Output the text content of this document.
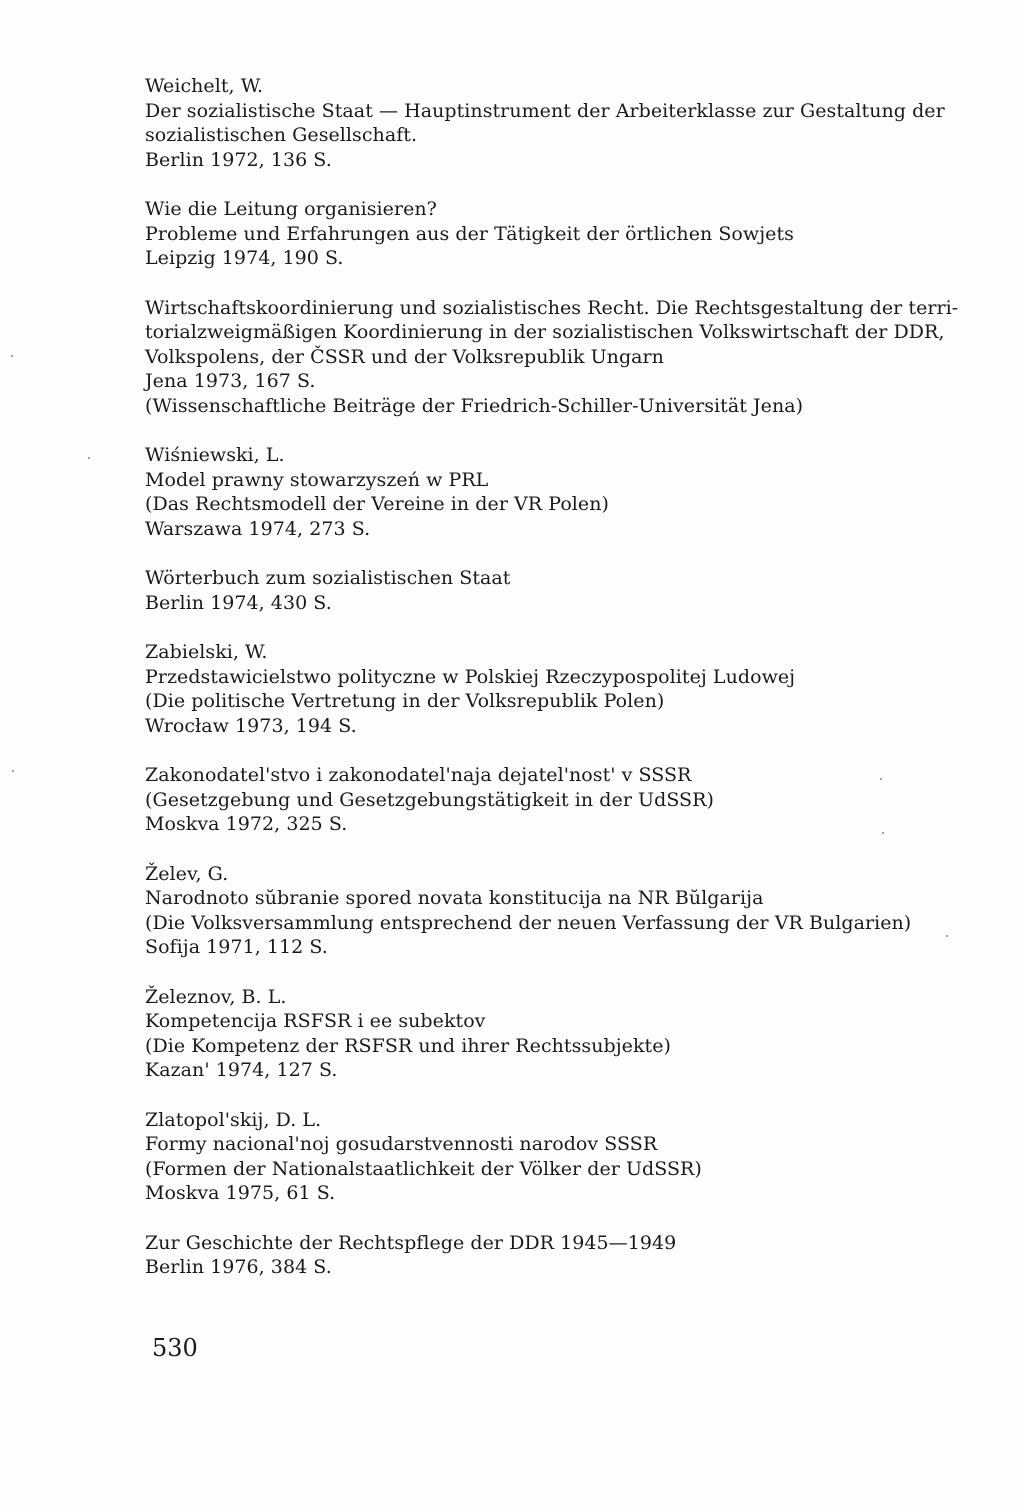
Weichelt, W.
Der sozialistische Staat — Hauptinstrument der Arbeiterklasse zur Gestaltung der
sozialistischen Gesellschaft.
Berlin 1972, 136 S.
Wie die Leitung organisieren?
Probleme und Erfahrungen aus der Tätigkeit der örtlichen Sowjets
Leipzig 1974, 190 S.
Wirtschaftskoordinierung und sozialistisches Recht. Die Rechtsgestaltung der terri-
torialzweigmäßigen Koordinierung in der sozialistischen Volkswirtschaft der DDR,
Volkspolens, der ČSSR und der Volksrepublik Ungarn
Jena 1973, 167 S.
(Wissenschaftliche Beiträge der Friedrich-Schiller-Universität Jena)
Wiśniewski, L.
Model prawny stowarzyszeń w PRL
(Das Rechtsmodell der Vereine in der VR Polen)
Warszawa 1974, 273 S.
Wörterbuch zum sozialistischen Staat
Berlin 1974, 430 S.
Zabielski, W.
Przedstawicielstwo polityczne w Polskiej Rzeczypospolitej Ludowej
(Die politische Vertretung in der Volksrepublik Polen)
Wrocław 1973, 194 S.
Zakonodatel'stvo i zakonodatel'naja dejatel'nost' v SSSR
(Gesetzgebung und Gesetzgebungstätigkeit in der UdSSR)
Moskva 1972, 325 S.
Želev, G.
Narodnoto sŭbranie spored novata konstitucija na NR Bŭlgarija
(Die Volksversammlung entsprechend der neuen Verfassung der VR Bulgarien)
Sofija 1971, 112 S.
Železnov, B. L.
Kompetencija RSFSR i ee subektov
(Die Kompetenz der RSFSR und ihrer Rechtssubjekte)
Kazan' 1974, 127 S.
Zlatopol'skij, D. L.
Formy nacional'noj gosudarstvennosti narodov SSSR
(Formen der Nationalstaatlichkeit der Völker der UdSSR)
Moskva 1975, 61 S.
Zur Geschichte der Rechtspflege der DDR 1945—1949
Berlin 1976, 384 S.
530
